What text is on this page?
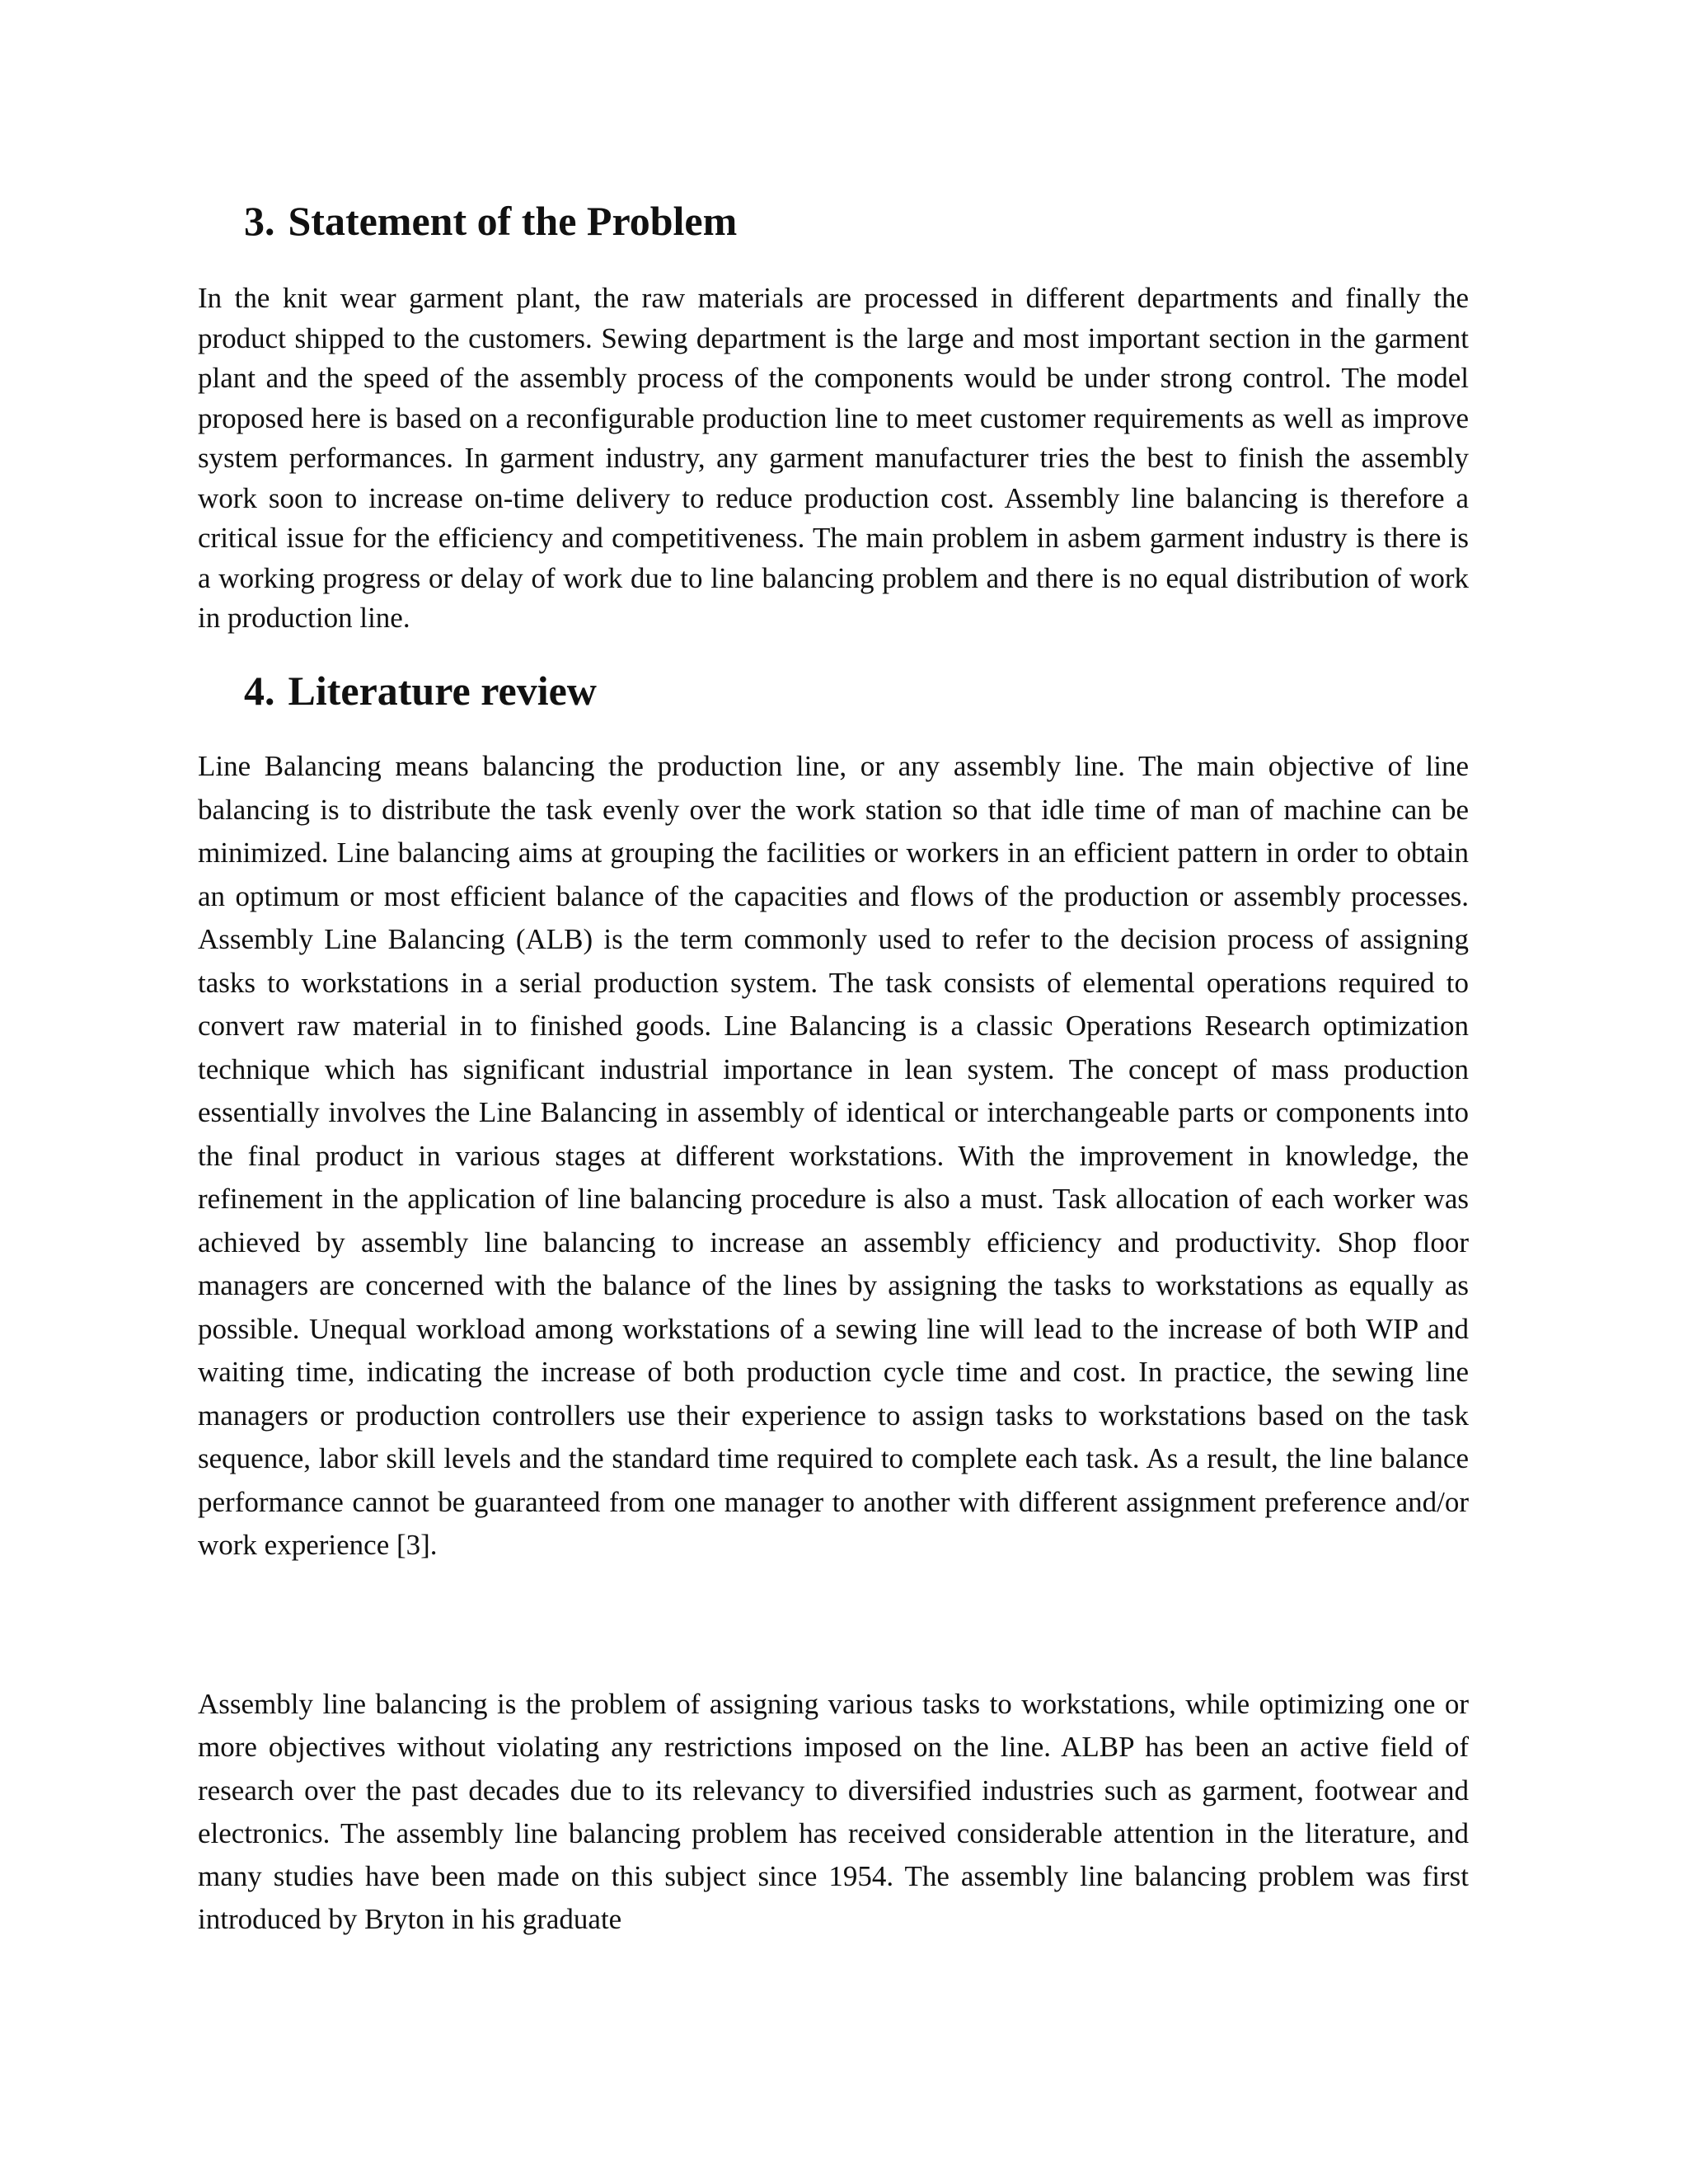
3. Statement of the Problem

In the knit wear garment plant, the raw materials are processed in different departments and finally the product shipped to the customers. Sewing department is the large and most important section in the garment plant and the speed of the assembly process of the components would be under strong control. The model proposed here is based on a reconfigurable production line to meet customer requirements as well as improve system performances. In garment industry, any garment manufacturer tries the best to finish the assembly work soon to increase on-time delivery to reduce production cost. Assembly line balancing is therefore a critical issue for the efficiency and competitiveness. The main problem in asbem garment industry is there is a working progress or delay of work due to line balancing problem and there is no equal distribution of work in production line.

4. Literature review

Line Balancing means balancing the production line, or any assembly line. The main objective of line balancing is to distribute the task evenly over the work station so that idle time of man of machine can be minimized. Line balancing aims at grouping the facilities or workers in an efficient pattern in order to obtain an optimum or most efficient balance of the capacities and flows of the production or assembly processes. Assembly Line Balancing (ALB) is the term commonly used to refer to the decision process of assigning tasks to workstations in a serial production system. The task consists of elemental operations required to convert raw material in to finished goods. Line Balancing is a classic Operations Research optimization technique which has significant industrial importance in lean system. The concept of mass production essentially involves the Line Balancing in assembly of identical or interchangeable parts or components into the final product in various stages at different workstations. With the improvement in knowledge, the refinement in the application of line balancing procedure is also a must. Task allocation of each worker was achieved by assembly line balancing to increase an assembly efficiency and productivity. Shop floor managers are concerned with the balance of the lines by assigning the tasks to workstations as equally as possible. Unequal workload among workstations of a sewing line will lead to the increase of both WIP and waiting time, indicating the increase of both production cycle time and cost. In practice, the sewing line managers or production controllers use their experience to assign tasks to workstations based on the task sequence, labor skill levels and the standard time required to complete each task. As a result, the line balance performance cannot be guaranteed from one manager to another with different assignment preference and/or work experience [3].

Assembly line balancing is the problem of assigning various tasks to workstations, while optimizing one or more objectives without violating any restrictions imposed on the line. ALBP has been an active field of research over the past decades due to its relevancy to diversified industries such as garment, footwear and electronics. The assembly line balancing problem has received considerable attention in the literature, and many studies have been made on this subject since 1954. The assembly line balancing problem was first introduced by Bryton in his graduate
